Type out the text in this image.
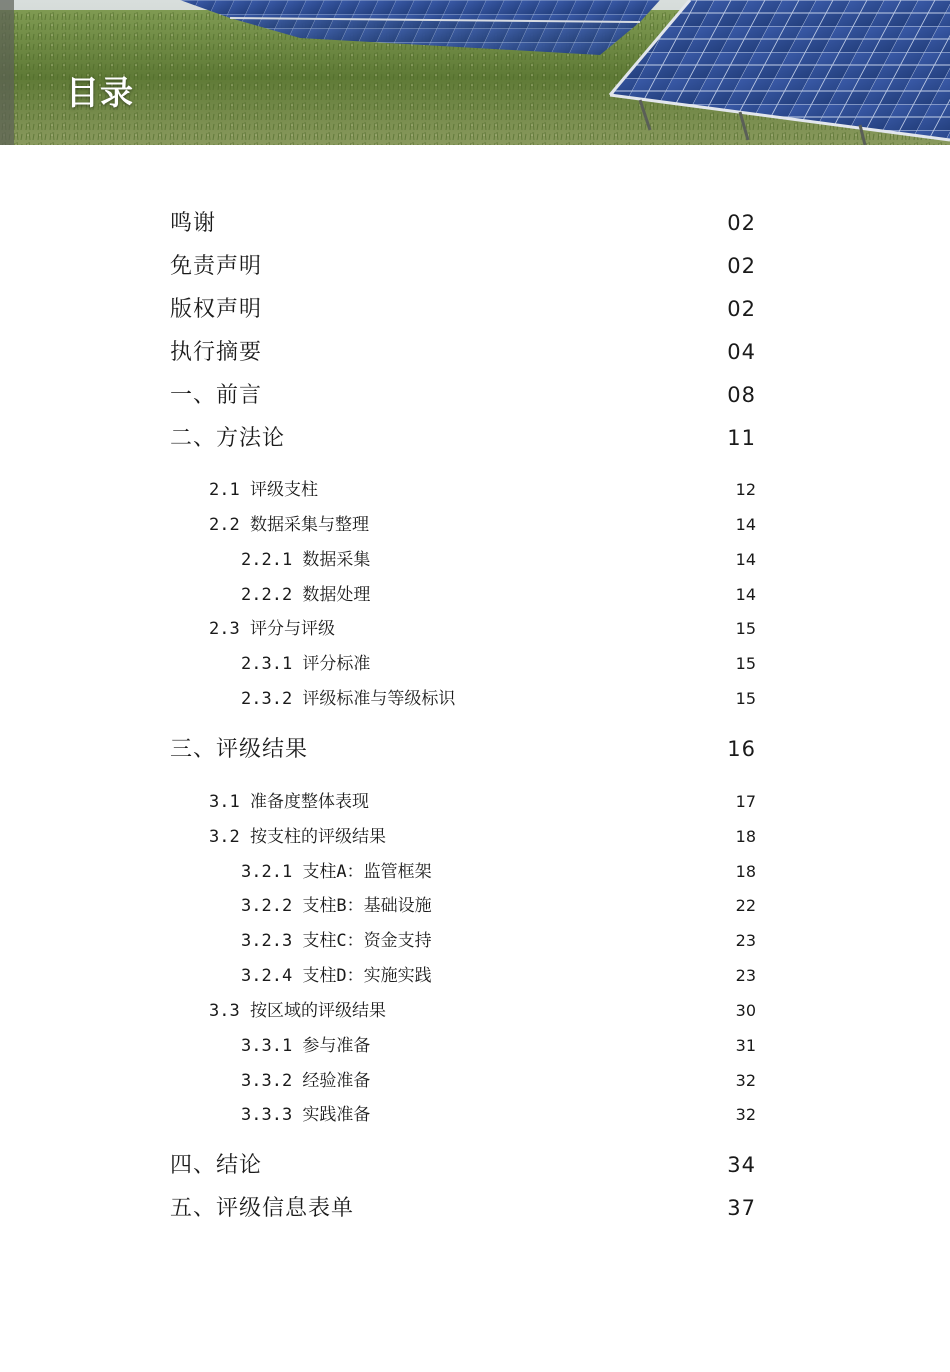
目录
鸣谢	02
免责声明	02
版权声明	02
执行摘要	04
一、前言	08
二、方法论	11
2.1 评级支柱	12
2.2 数据采集与整理	14
2.2.1 数据采集	14
2.2.2 数据处理	14
2.3 评分与评级	15
2.3.1 评分标准	15
2.3.2 评级标准与等级标识	15
三、评级结果	16
3.1 准备度整体表现	17
3.2 按支柱的评级结果	18
3.2.1 支柱A：监管框架	18
3.2.2 支柱B：基础设施	22
3.2.3 支柱C：资金支持	23
3.2.4 支柱D：实施实践	23
3.3 按区域的评级结果	30
3.3.1 参与准备	31
3.3.2 经验准备	32
3.3.3 实践准备	32
四、结论	34
五、评级信息表单	37
